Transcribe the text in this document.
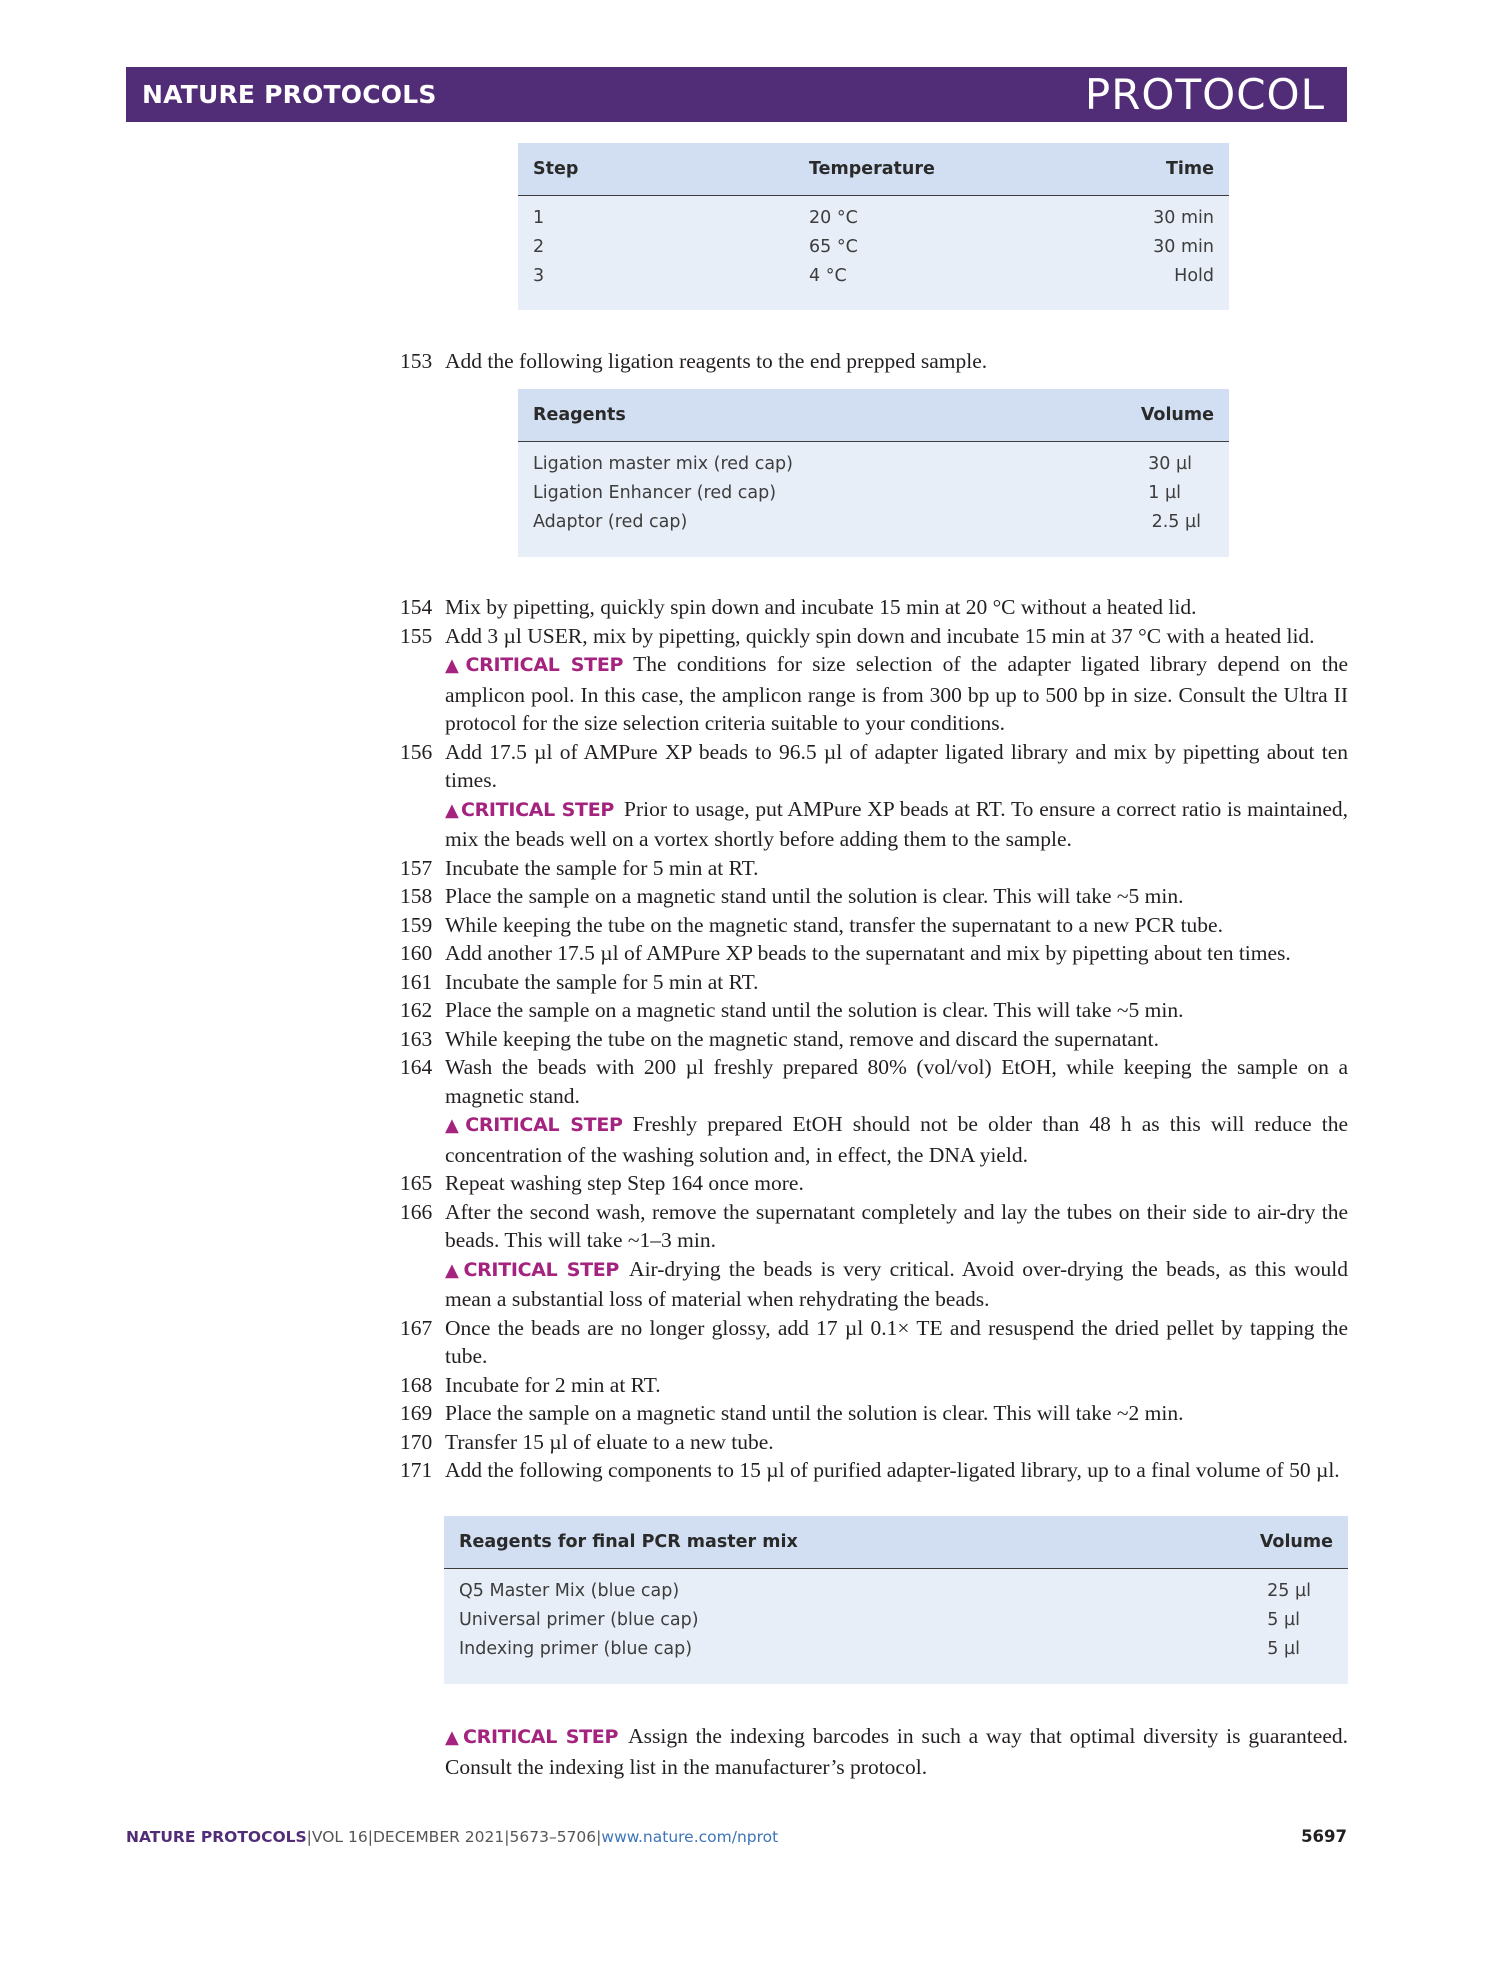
NATURE PROTOCOLS	PROTOCOL
Step	Temperature	Time
1	20 °C	30 min
2	65 °C	30 min
3	4 °C	Hold
153 Add the following ligation reagents to the end prepped sample.

Reagents	Volume
Ligation master mix (red cap)	30 µl
Ligation Enhancer (red cap)	1 µl
Adaptor (red cap)	2.5 µl
154 Mix by pipetting, quickly spin down and incubate 15 min at 20 °C without a heated lid.

155 Add 3 µl USER, mix by pipetting, quickly spin down and incubate 15 min at 37 °C with a heated lid.

▲ CRITICAL STEP The conditions for size selection of the adapter ligated library depend on the amplicon pool. In this case, the amplicon range is from 300 bp up to 500 bp in size. Consult the Ultra II protocol for the size selection criteria suitable to your conditions.

156 Add 17.5 µl of AMPure XP beads to 96.5 µl of adapter ligated library and mix by pipetting about ten times.

▲ CRITICAL STEP Prior to usage, put AMPure XP beads at RT. To ensure a correct ratio is maintained, mix the beads well on a vortex shortly before adding them to the sample.

157 Incubate the sample for 5 min at RT.

158 Place the sample on a magnetic stand until the solution is clear. This will take ~5 min.

159 While keeping the tube on the magnetic stand, transfer the supernatant to a new PCR tube.

160 Add another 17.5 µl of AMPure XP beads to the supernatant and mix by pipetting about ten times.

161 Incubate the sample for 5 min at RT.

162 Place the sample on a magnetic stand until the solution is clear. This will take ~5 min.

163 While keeping the tube on the magnetic stand, remove and discard the supernatant.

164 Wash the beads with 200 µl freshly prepared 80% (vol/vol) EtOH, while keeping the sample on a magnetic stand.

▲ CRITICAL STEP Freshly prepared EtOH should not be older than 48 h as this will reduce the concentration of the washing solution and, in effect, the DNA yield.

165 Repeat washing step Step 164 once more.

166 After the second wash, remove the supernatant completely and lay the tubes on their side to air-dry the beads. This will take ~1–3 min.

▲ CRITICAL STEP Air-drying the beads is very critical. Avoid over-drying the beads, as this would mean a substantial loss of material when rehydrating the beads.

167 Once the beads are no longer glossy, add 17 µl 0.1× TE and resuspend the dried pellet by tapping the tube.

168 Incubate for 2 min at RT.

169 Place the sample on a magnetic stand until the solution is clear. This will take ~2 min.

170 Transfer 15 µl of eluate to a new tube.

171 Add the following components to 15 µl of purified adapter-ligated library, up to a final volume of 50 µl.

Reagents for final PCR master mix	Volume
Q5 Master Mix (blue cap)	25 µl
Universal primer (blue cap)	5 µl
Indexing primer (blue cap)	5 µl

▲ CRITICAL STEP Assign the indexing barcodes in such a way that optimal diversity is guaranteed. Consult the indexing list in the manufacturer’s protocol.

NATURE PROTOCOLS|VOL 16|DECEMBER 2021|5673–5706|www.nature.com/nprot	5697
